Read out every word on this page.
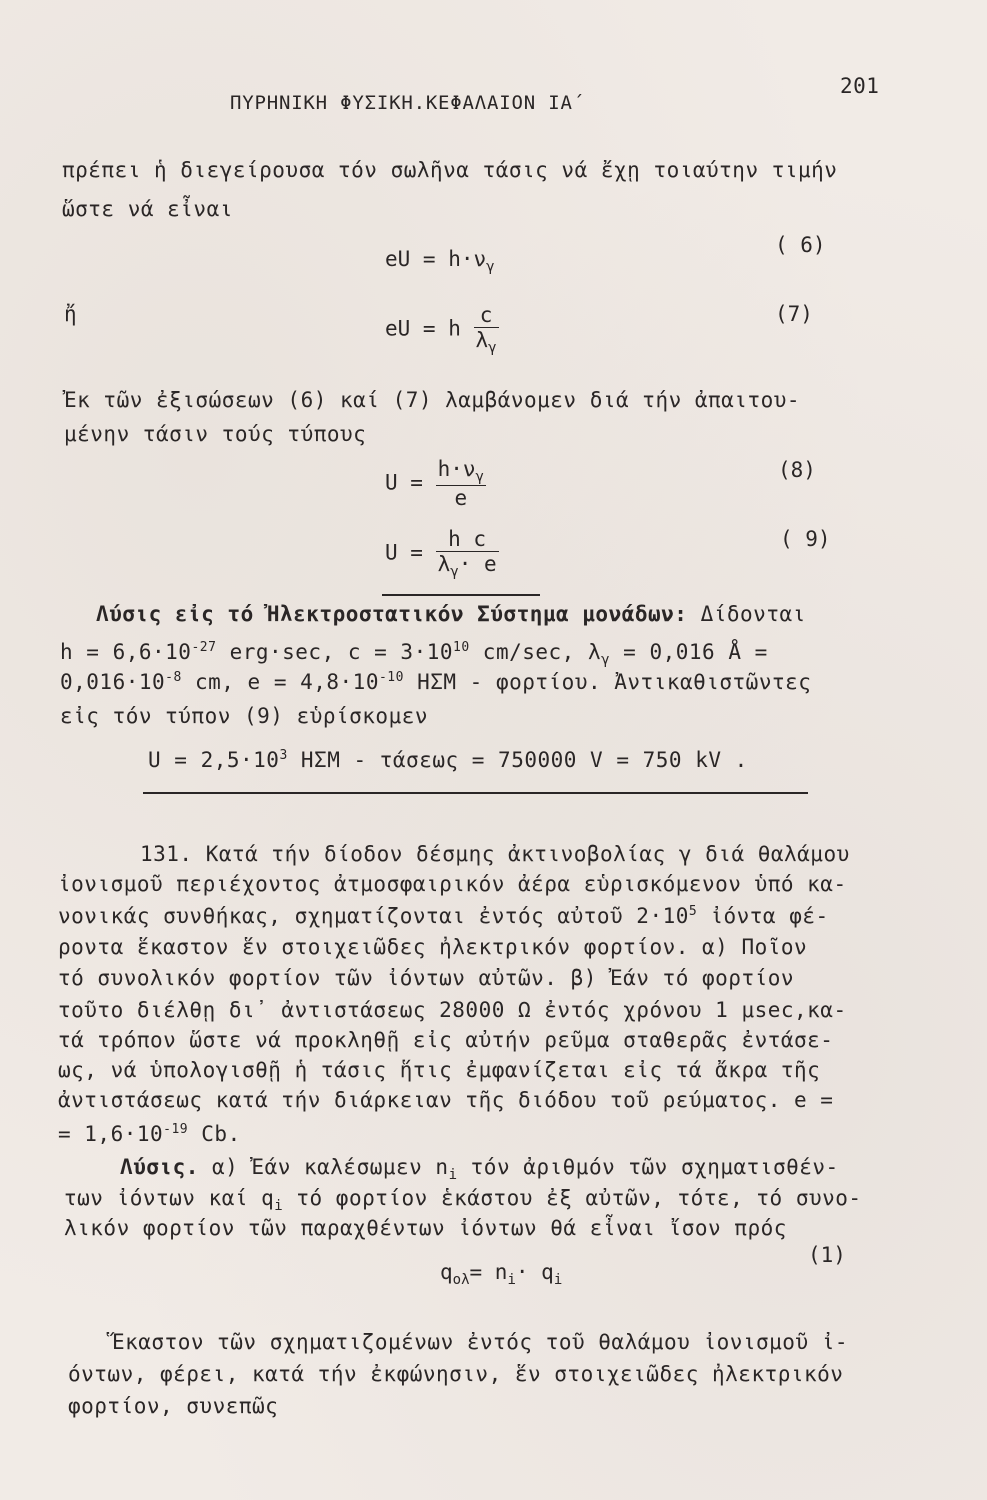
ΠΥΡΗΝΙΚΗ ΦΥΣΙΚΗ.ΚΕΦΑΛΑΙΟΝ ΙΑ΄
201
πρέπει ἡ διεγείρουσα τόν σωλῆνα τάσις νά ἔχῃ τοιαύτην τιμήν
ὥστε νά εἶναι
eU = $h\cdot\nu_\gamma$
( 6)
ἤ
eU = h $\frac{c}{\lambda_\gamma}$	(7)
Ἐκ τῶν ἐξισώσεων (6) καί (7) λαμβάνομεν διά τήν ἀπαιτου-
μένην τάσιν τούς τύπους
$U = \frac{h\cdot\nu_\gamma}{e}$	(8)
$U = \frac{\text{h c}}{\lambda_\gamma\cdot e}$	( 9)
Λύσις εἰς τό Ἠλεκτροστατικόν Σύστημα μονάδων: Δίδονται
$h = 6,6\cdot 10^{-27}$ erg·sec, $c = 3\cdot 10^{10}$ cm/sec, $\lambda_\gamma = 0,016$ Å =
$0,016\cdot 10^{-8}$ cm, $e = 4,8\cdot 10^{-10}$ ΗΣΜ - φορτίου. Ἀντικαθιστῶντες
εἰς τόν τύπον (9) εὑρίσκομεν
$U = 2,5\cdot 10^3$ ΗΣΜ - τάσεως = 750000 V = 750 kV .
131. Κατά τήν δίοδον δέσμης ἀκτινοβολίας γ διά θαλάμου
ἰονισμοῦ περιέχοντος ἀτμοσφαιρικόν ἀέρα εὑρισκόμενον ὑπό κα-
νονικάς συνθήκας, σχηματίζονται ἐντός αὐτοῦ $2\cdot 10^5$ ἰόντα φέ-
ροντα ἕκαστον ἕν στοιχειῶδες ἠλεκτρικόν φορτίον. α) Ποῖον
τό συνολικόν φορτίον τῶν ἰόντων αὐτῶν. β) Ἐάν τό φορτίον
τοῦτο διέλθῃ δι᾽ ἀντιστάσεως 28000 Ω ἐντός χρόνου 1 μsec,κα-
τά τρόπον ὥστε νά προκληθῇ εἰς αὐτήν ρεῦμα σταθερᾶς ἐντάσε-
ως, νά ὑπολογισθῇ ἡ τάσις ἥτις ἐμφανίζεται εἰς τά ἄκρα τῆς
ἀντιστάσεως κατά τήν διάρκειαν τῆς διόδου τοῦ ρεύματος. e =
= $1,6\cdot 10^{-19}$ Cb.
Λύσις. α) Ἐάν καλέσωμεν $n_i$ τόν ἀριθμόν τῶν σχηματισθέν-
των ἰόντων καί $q_i$ τό φορτίον ἑκάστου ἐξ αὐτῶν, τότε, τό συνο-
λικόν φορτίον τῶν παραχθέντων ἰόντων θά εἶναι ἴσον πρός
$q_{o\lambda}= n_i\cdot q_i$
(1)
Ἕκαστον τῶν σχηματιζομένων ἐντός τοῦ θαλάμου ἰονισμοῦ ἰ-
όντων, φέρει, κατά τήν ἐκφώνησιν, ἕν στοιχειῶδες ἠλεκτρικόν
φορτίον, συνεπῶς
